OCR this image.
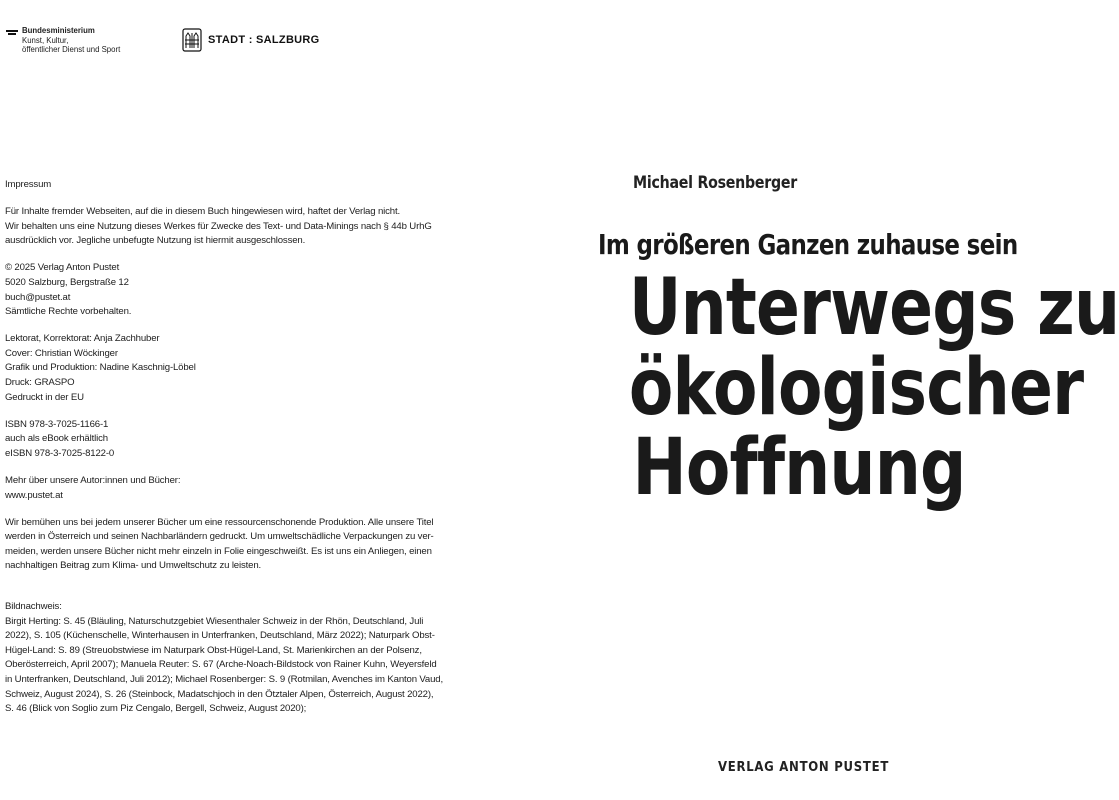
Bundesministerium
Kunst, Kultur,
öffentlicher Dienst und Sport
STADT : SALZBURG

Impressum

Für Inhalte fremder Webseiten, auf die in diesem Buch hingewiesen wird, haftet der Verlag nicht.
Wir behalten uns eine Nutzung dieses Werkes für Zwecke des Text- und Data-Minings nach § 44b UrhG
ausdrücklich vor. Jegliche unbefugte Nutzung ist hiermit ausgeschlossen.

© 2025 Verlag Anton Pustet
5020 Salzburg, Bergstraße 12
buch@pustet.at
Sämtliche Rechte vorbehalten.

Lektorat, Korrektorat: Anja Zachhuber
Cover: Christian Wöckinger
Grafik und Produktion: Nadine Kaschnig-Löbel
Druck: GRASPO
Gedruckt in der EU

ISBN 978-3-7025-1166-1
auch als eBook erhältlich
eISBN 978-3-7025-8122-0

Mehr über unsere Autor:innen und Bücher:
www.pustet.at

Wir bemühen uns bei jedem unserer Bücher um eine ressourcenschonende Produktion. Alle unsere Titel
werden in Österreich und seinen Nachbarländern gedruckt. Um umweltschädliche Verpackungen zu ver-
meiden, werden unsere Bücher nicht mehr einzeln in Folie eingeschweißt. Es ist uns ein Anliegen, einen
nachhaltigen Beitrag zum Klima- und Umweltschutz zu leisten.

Bildnachweis:
Birgit Herting: S. 45 (Bläuling, Naturschutzgebiet Wiesenthaler Schweiz in der Rhön, Deutschland, Juli
2022), S. 105 (Küchenschelle, Winterhausen in Unterfranken, Deutschland, März 2022); Naturpark Obst-
Hügel-Land: S. 89 (Streuobstwiese im Naturpark Obst-Hügel-Land, St. Marienkirchen an der Polsenz,
Oberösterreich, April 2007); Manuela Reuter: S. 67 (Arche-Noach-Bildstock von Rainer Kuhn, Weyersfeld
in Unterfranken, Deutschland, Juli 2012); Michael Rosenberger: S. 9 (Rotmilan, Avenches im Kanton Vaud,
Schweiz, August 2024), S. 26 (Steinbock, Madatschjoch in den Ötztaler Alpen, Österreich, August 2022),
S. 46 (Blick von Soglio zum Piz Cengalo, Bergell, Schweiz, August 2020);

Michael Rosenberger
Im größeren Ganzen zuhause sein
Unterwegs zu
ökologischer
Hoffnung
VERLAG ANTON PUSTET
